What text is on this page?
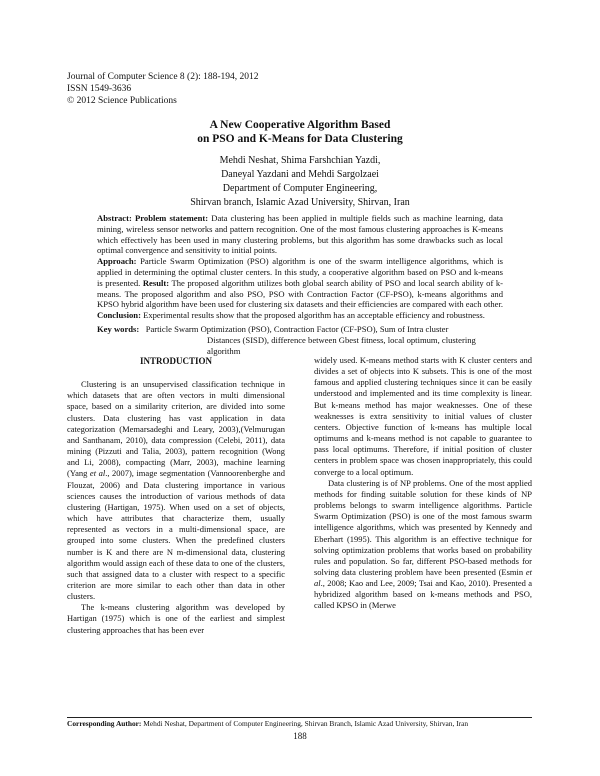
Journal of Computer Science 8 (2): 188-194, 2012
ISSN 1549-3636
© 2012 Science Publications
A New Cooperative Algorithm Based
on PSO and K-Means for Data Clustering
Mehdi Neshat, Shima Farshchian Yazdi,
Daneyal Yazdani and Mehdi Sargolzaei
Department of Computer Engineering,
Shirvan branch, Islamic Azad University, Shirvan, Iran
Abstract: Problem statement: Data clustering has been applied in multiple fields such as machine learning, data mining, wireless sensor networks and pattern recognition. One of the most famous clustering approaches is K-means which effectively has been used in many clustering problems, but this algorithm has some drawbacks such as local optimal convergence and sensitivity to initial points.
Approach: Particle Swarm Optimization (PSO) algorithm is one of the swarm intelligence algorithms, which is applied in determining the optimal cluster centers. In this study, a cooperative algorithm based on PSO and k-means is presented. Result: The proposed algorithm utilizes both global search ability of PSO and local search ability of k-means. The proposed algorithm and also PSO, PSO with Contraction Factor (CF-PSO), k-means algorithms and KPSO hybrid algorithm have been used for clustering six datasets and their efficiencies are compared with each other. Conclusion: Experimental results show that the proposed algorithm has an acceptable efficiency and robustness.
Key words: Particle Swarm Optimization (PSO), Contraction Factor (CF-PSO), Sum of Intra cluster
Distances (SISD), difference between Gbest fitness, local optimum, clustering algorithm

INTRODUCTION

Clustering is an unsupervised classification technique in which datasets that are often vectors in multi dimensional space, based on a similarity criterion, are divided into some clusters. Data clustering has vast application in data categorization (Memarsadeghi and Leary, 2003),(Velmurugan and Santhanam, 2010), data compression (Celebi, 2011), data mining (Pizzuti and Talia, 2003), pattern recognition (Wong and Li, 2008), compacting (Marr, 2003), machine learning (Yang et al., 2007), image segmentation (Vannoorenberghe and Flouzat, 2006) and Data clustering importance in various sciences causes the introduction of various methods of data clustering (Hartigan, 1975). When used on a set of objects, which have attributes that characterize them, usually represented as vectors in a multi-dimensional space, are grouped into some clusters. When the predefined clusters number is K and there are N m-dimensional data, clustering algorithm would assign each of these data to one of the clusters, such that assigned data to a cluster with respect to a specific criterion are more similar to each other than data in other clusters.

The k-means clustering algorithm was developed by Hartigan (1975) which is one of the earliest and simplest clustering approaches that has been ever

widely used. K-means method starts with K cluster centers and divides a set of objects into K subsets. This is one of the most famous and applied clustering techniques since it can be easily understood and implemented and its time complexity is linear. But k-means method has major weaknesses. One of these weaknesses is extra sensitivity to initial values of cluster centers. Objective function of k-means has multiple local optimums and k-means method is not capable to guarantee to pass local optimums. Therefore, if initial position of cluster centers in problem space was chosen inappropriately, this could converge to a local optimum.

Data clustering is of NP problems. One of the most applied methods for finding suitable solution for these kinds of NP problems belongs to swarm intelligence algorithms. Particle Swarm Optimization (PSO) is one of the most famous swarm intelligence algorithms, which was presented by Kennedy and Eberhart (1995). This algorithm is an effective technique for solving optimization problems that works based on probability rules and population. So far, different PSO-based methods for solving data clustering problem have been presented (Esmin et al., 2008; Kao and Lee, 2009; Tsai and Kao, 2010). Presented a hybridized algorithm based on k-means methods and PSO, called KPSO in (Merwe

Corresponding Author: Mehdi Neshat, Department of Computer Engineering, Shirvan Branch, Islamic Azad University, Shirvan, Iran
188
